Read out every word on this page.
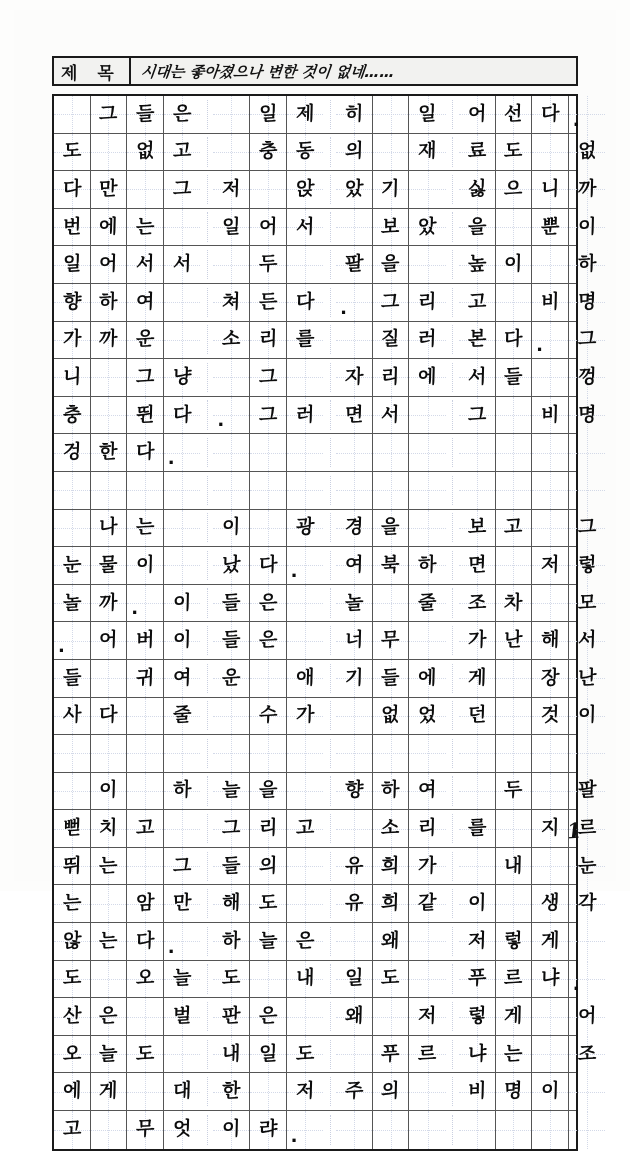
제 목	시대는 좋아졌으나 변한 것이 없네……
그 들 은	일 제 히	일 어 선 다 .
도	없 고	충 동 의	재 료 도	없
다 만	그 저	앉 았 기	싫 으 니 까
번 에 는	일 어 서	보 았 을	뿐 이
일 어 서 서	두	팔 을	높 이	하
향 하 여	쳐 든 다 . 그 리 고	비 명
가 까 운	소 리 를	질 러 본 다 . 그
니	그 냥	그	자 리 에 서 들	껑
충	뛴 다 . 그 러 면 서	그	비 명
겅 한 다 .
나 는	이	광 경 을	보 고	그
눈 물 이	났 다 . 여 북 하 면	저 렇
놀 까 . 이 들 은	놀	줄 조 차	모
. 어 버 이 들 은	너 무	가 난 해 서
들	귀 여 운	애 기 들 에 게	장 난
사 다	줄	수 가	없 었 던	것 이
이	하 늘 을	향 하 여	두	팔
뻗 치 고	그 리 고	소 리 를	지 르
뛰 는	그 들 의	유 희 가	내	눈
는	암 만 해 도	유 희 같 이	생 각
않 는 다 . 하 늘 은	왜	저 렇 게
도	오 늘 도	내 일 도	푸 르 냐 .
산 은	벌 판 은	왜	저 렇 게	어
오 늘 도	내 일 도	푸 르 냐 는	조
에 게	대 한	저 주 의	비 명 이
고	무 엇 이 랴 .
1
